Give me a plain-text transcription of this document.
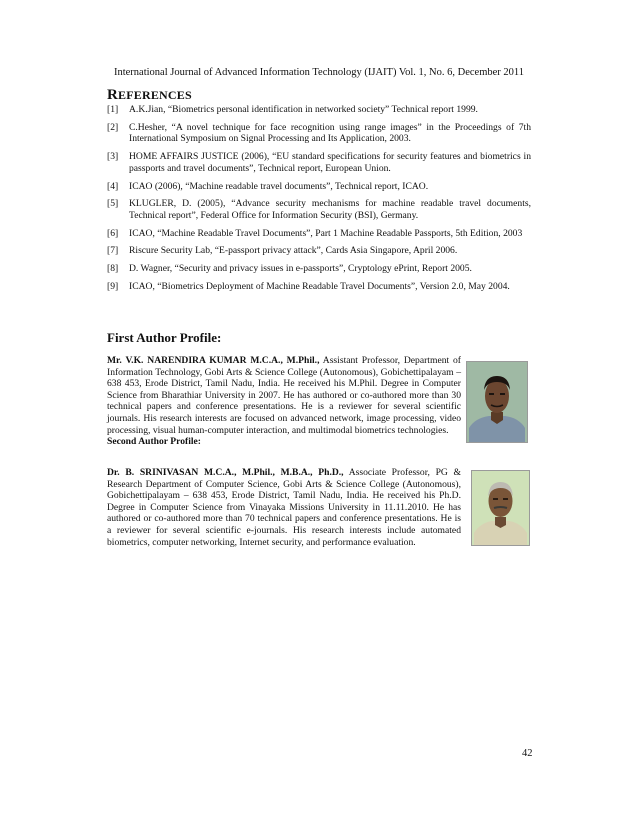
International Journal of Advanced Information Technology (IJAIT) Vol. 1, No. 6, December 2011
REFERENCES
[1]	A.K.Jian, “Biometrics personal identification in networked society” Technical report 1999.
[2]	C.Hesher, “A novel technique for face recognition using range images” in the Proceedings of 7th International Symposium on Signal Processing and Its Application, 2003.
[3]	HOME AFFAIRS JUSTICE (2006), “EU standard specifications for security features and biometrics in passports and travel documents”, Technical report, European Union.
[4]	ICAO (2006), “Machine readable travel documents”, Technical report, ICAO.
[5]	KLUGLER, D. (2005), “Advance security mechanisms for machine readable travel documents, Technical report”, Federal Office for Information Security (BSI), Germany.
[6]	ICAO, “Machine Readable Travel Documents”, Part 1 Machine Readable Passports, 5th Edition, 2003
[7]	Riscure Security Lab, “E-passport privacy attack”, Cards Asia Singapore, April 2006.
[8]	D. Wagner, “Security and privacy issues in e-passports”, Cryptology ePrint, Report 2005.
[9]	ICAO, “Biometrics Deployment of Machine Readable Travel Documents”, Version 2.0, May 2004.
First Author Profile:
Mr. V.K. NARENDIRA KUMAR M.C.A., M.Phil., Assistant Professor, Department of Information Technology, Gobi Arts & Science College (Autonomous), Gobichettipalayam – 638 453, Erode District, Tamil Nadu, India. He received his M.Phil. Degree in Computer Science from Bharathiar University in 2007. He has authored or co-authored more than 30 technical papers and conference presentations. He is a reviewer for several scientific journals. His research interests are focused on advanced network, image processing, video processing, visual human-computer interaction, and multimodal biometrics technologies.
Second Author Profile:
Dr. B. SRINIVASAN M.C.A., M.Phil., M.B.A., Ph.D., Associate Professor, PG & Research Department of Computer Science, Gobi Arts & Science College (Autonomous), Gobichettipalayam – 638 453, Erode District, Tamil Nadu, India. He received his Ph.D. Degree in Computer Science from Vinayaka Missions University in 11.11.2010. He has authored or co-authored more than 70 technical papers and conference presentations. He is a reviewer for several scientific e-journals. His research interests include automated biometrics, computer networking, Internet security, and performance evaluation.
42
